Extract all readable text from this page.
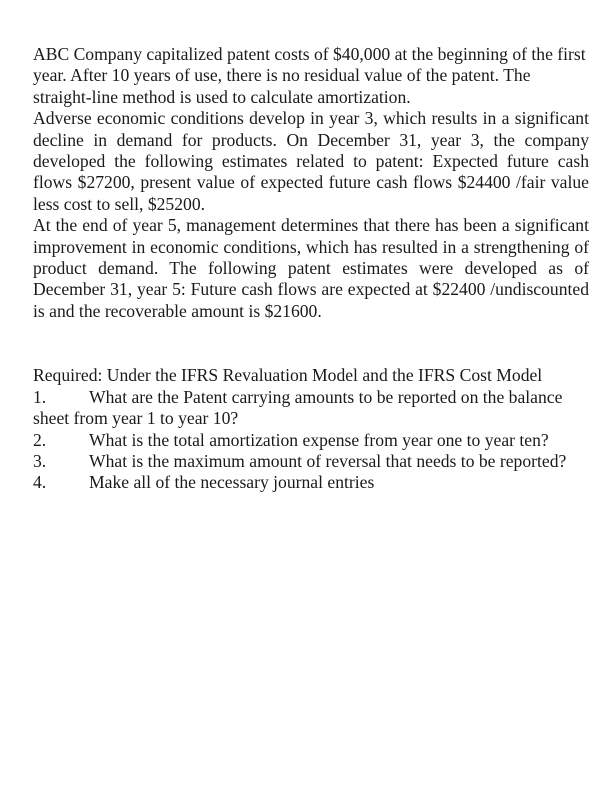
ABC Company capitalized patent costs of $40,000 at the beginning of the first year. After 10 years of use, there is no residual value of the patent. The straight-line method is used to calculate amortization.

Adverse economic conditions develop in year 3, which results in a significant decline in demand for products. On December 31, year 3, the company developed the following estimates related to patent: Expected future cash flows $27200, present value of expected future cash flows $24400 /fair value less cost to sell, $25200.

At the end of year 5, management determines that there has been a significant improvement in economic conditions, which has resulted in a strengthening of product demand. The following patent estimates were developed as of December 31, year 5: Future cash flows are expected at $22400 /undiscounted is and the recoverable amount is $21600.

Required: Under the IFRS Revaluation Model and the IFRS Cost Model

1. What are the Patent carrying amounts to be reported on the balance sheet from year 1 to year 10?

2. What is the total amortization expense from year one to year ten?

3. What is the maximum amount of reversal that needs to be reported?

4. Make all of the necessary journal entries
